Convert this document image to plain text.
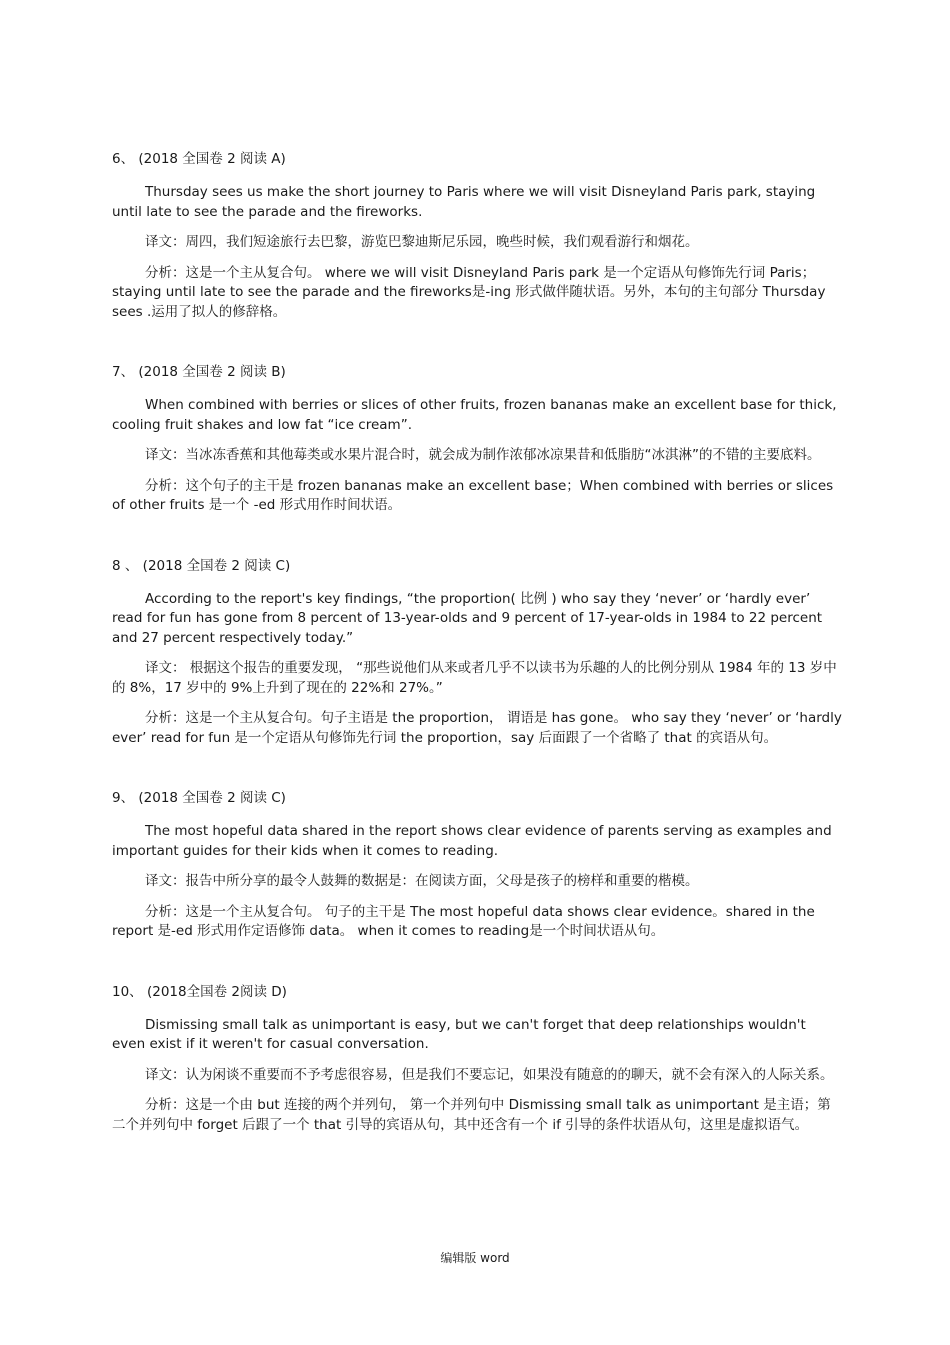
6、 (2018 全国卷 2 阅读 A)

Thursday sees us make the short journey to Paris where we will visit Disneyland Paris park, staying until late to see the parade and the fireworks.

译文：周四，我们短途旅行去巴黎，游览巴黎迪斯尼乐园，晚些时候，我们观看游行和烟花。

分析：这是一个主从复合句。 where we will visit Disneyland Paris park 是一个定语从句修饰先行词 Paris； staying until late to see the parade and the fireworks是-ing 形式做伴随状语。另外，本句的主句部分 Thursday sees .运用了拟人的修辞格。

7、 (2018 全国卷 2 阅读 B)

When combined with berries or slices of other fruits, frozen bananas make an excellent base for thick, cooling fruit shakes and low fat “ice cream”.

译文：当冰冻香蕉和其他莓类或水果片混合时，就会成为制作浓郁冰凉果昔和低脂肪“冰淇淋”的不错的主要底料。

分析：这个句子的主干是 frozen bananas make an excellent base；When combined with berries or slices of other fruits 是一个 -ed 形式用作时间状语。

8 、 (2018 全国卷 2 阅读 C)

According to the report's key findings, “the proportion( 比例 ) who say they ‘never’ or ‘hardly ever’ read for fun has gone from 8 percent of 13-year-olds and 9 percent of 17-year-olds in 1984 to 22 percent and 27 percent respectively today.”

译文： 根据这个报告的重要发现， “那些说他们从来或者几乎不以读书为乐趣的人的比例分别从 1984 年的 13 岁中的 8%，17 岁中的 9%上升到了现在的 22%和 27%。”

分析：这是一个主从复合句。句子主语是 the proportion， 谓语是 has gone。 who say they ‘never’ or ‘hardly ever’ read for fun 是一个定语从句修饰先行词 the proportion，say 后面跟了一个省略了 that 的宾语从句。

9、 (2018 全国卷 2 阅读 C)

The most hopeful data shared in the report shows clear evidence of parents serving as examples and important guides for their kids when it comes to reading.

译文：报告中所分享的最令人鼓舞的数据是：在阅读方面，父母是孩子的榜样和重要的楷模。

分析：这是一个主从复合句。 句子的主干是 The most hopeful data shows clear evidence。shared in the report 是-ed 形式用作定语修饰 data。 when it comes to reading是一个时间状语从句。

10、 (2018全国卷 2阅读 D)

Dismissing small talk as unimportant is easy, but we can't forget that deep relationships wouldn't even exist if it weren't for casual conversation.

译文：认为闲谈不重要而不予考虑很容易，但是我们不要忘记，如果没有随意的的聊天，就不会有深入的人际关系。

分析：这是一个由 but 连接的两个并列句， 第一个并列句中 Dismissing small talk as unimportant 是主语；第二个并列句中 forget 后跟了一个 that 引导的宾语从句，其中还含有一个 if 引导的条件状语从句，这里是虚拟语气。

编辑版 word
